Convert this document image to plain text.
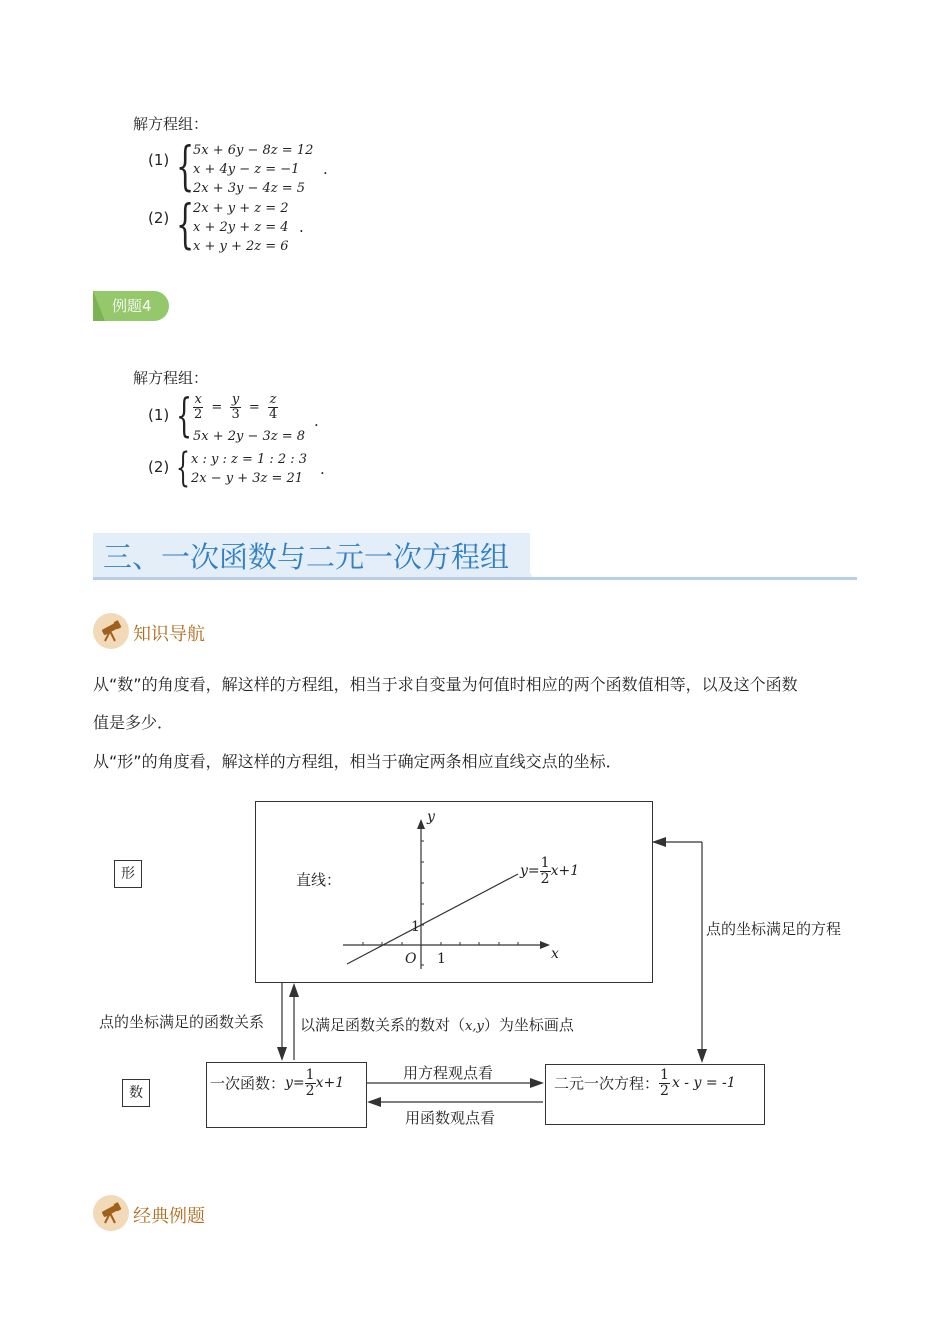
解方程组：
(1) {
5x + 6y − 8z = 12
x + 4y − z = −1
2x + 3y − 4z = 5
.
(2) {
2x + y + z = 2
x + 2y + z = 4
x + y + 2z = 6
.
例题4
解方程组：
(1) { $\frac{x}{2} = \frac{y}{3} = \frac{z}{4}$
5x + 2y − 3z = 8
.
(2) { x : y : z = 1 : 2 : 3
2x − y + 3z = 21
.
三、一次函数与二元一次方程组
知识导航
从“数”的角度看，解这样的方程组，相当于求自变量为何值时相应的两个函数值相等，以及这个函数
值是多少．
从“形”的角度看，解这样的方程组，相当于确定两条相应直线交点的坐标．
形
数
直线：
x
y
O 1
1
$y= \frac{1}{2} x+1$
一次函数：$y= \frac{1}{2} x+1$	二元一次方程： $\frac{1}{2}$ x - y = -1
点的坐标满足的方程
点的坐标满足的函数关系 以满足函数关系的数对（x,y）为坐标画点
用方程观点看
用函数观点看
经典例题
